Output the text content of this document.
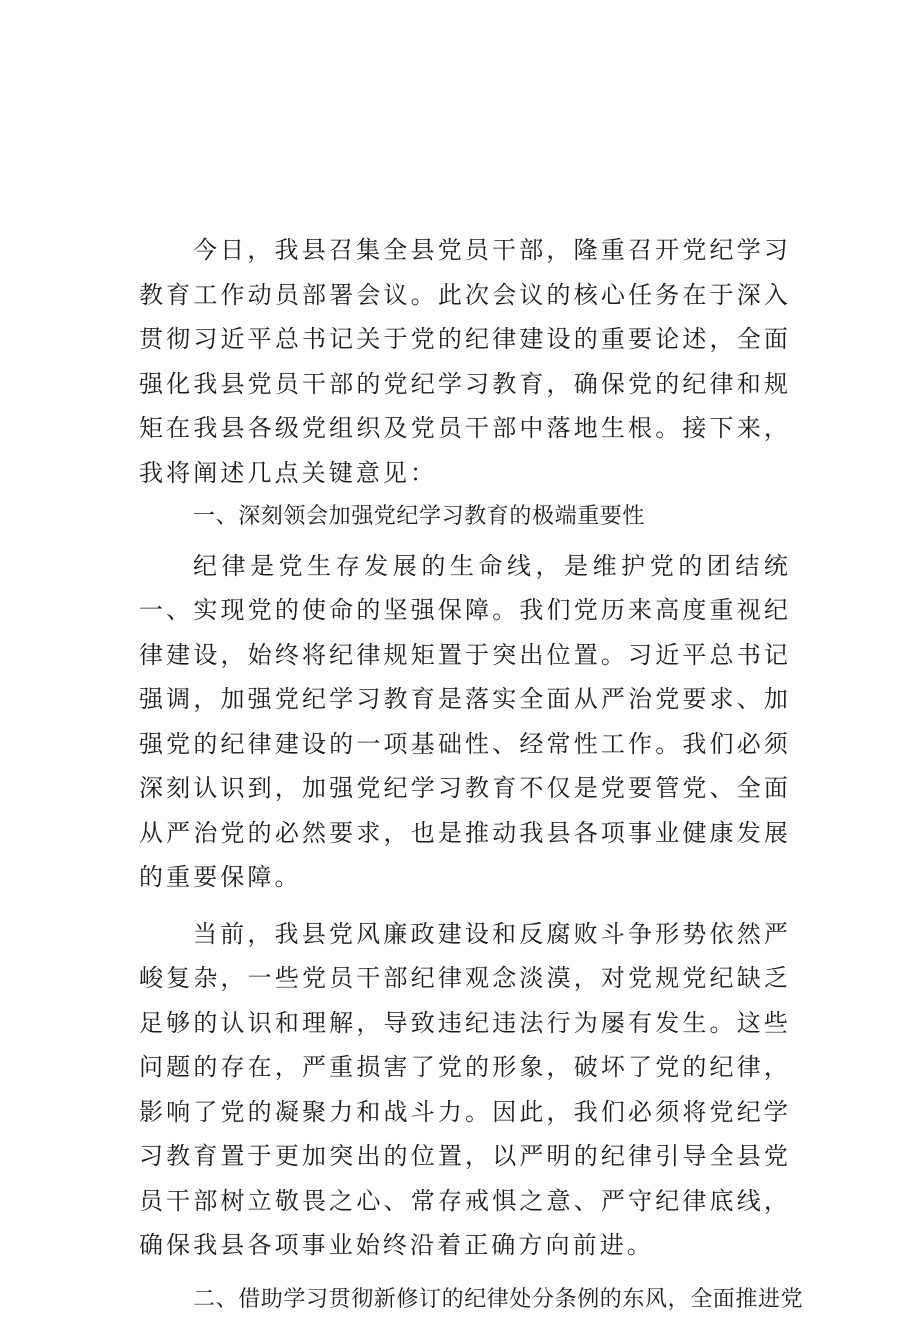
今日，我县召集全县党员干部，隆重召开党纪学习教育工作动员部署会议。此次会议的核心任务在于深入贯彻习近平总书记关于党的纪律建设的重要论述，全面强化我县党员干部的党纪学习教育，确保党的纪律和规矩在我县各级党组织及党员干部中落地生根。接下来，我将阐述几点关键意见：

一、深刻领会加强党纪学习教育的极端重要性

纪律是党生存发展的生命线，是维护党的团结统一、实现党的使命的坚强保障。我们党历来高度重视纪律建设，始终将纪律规矩置于突出位置。习近平总书记强调，加强党纪学习教育是落实全面从严治党要求、加强党的纪律建设的一项基础性、经常性工作。我们必须深刻认识到，加强党纪学习教育不仅是党要管党、全面从严治党的必然要求，也是推动我县各项事业健康发展的重要保障。

当前，我县党风廉政建设和反腐败斗争形势依然严峻复杂，一些党员干部纪律观念淡漠，对党规党纪缺乏足够的认识和理解，导致违纪违法行为屡有发生。这些问题的存在，严重损害了党的形象，破坏了党的纪律，影响了党的凝聚力和战斗力。因此，我们必须将党纪学习教育置于更加突出的位置，以严明的纪律引导全县党员干部树立敬畏之心、常存戒惧之意、严守纪律底线，确保我县各项事业始终沿着正确方向前进。

二、借助学习贯彻新修订的纪律处分条例的东风，全面推进党
